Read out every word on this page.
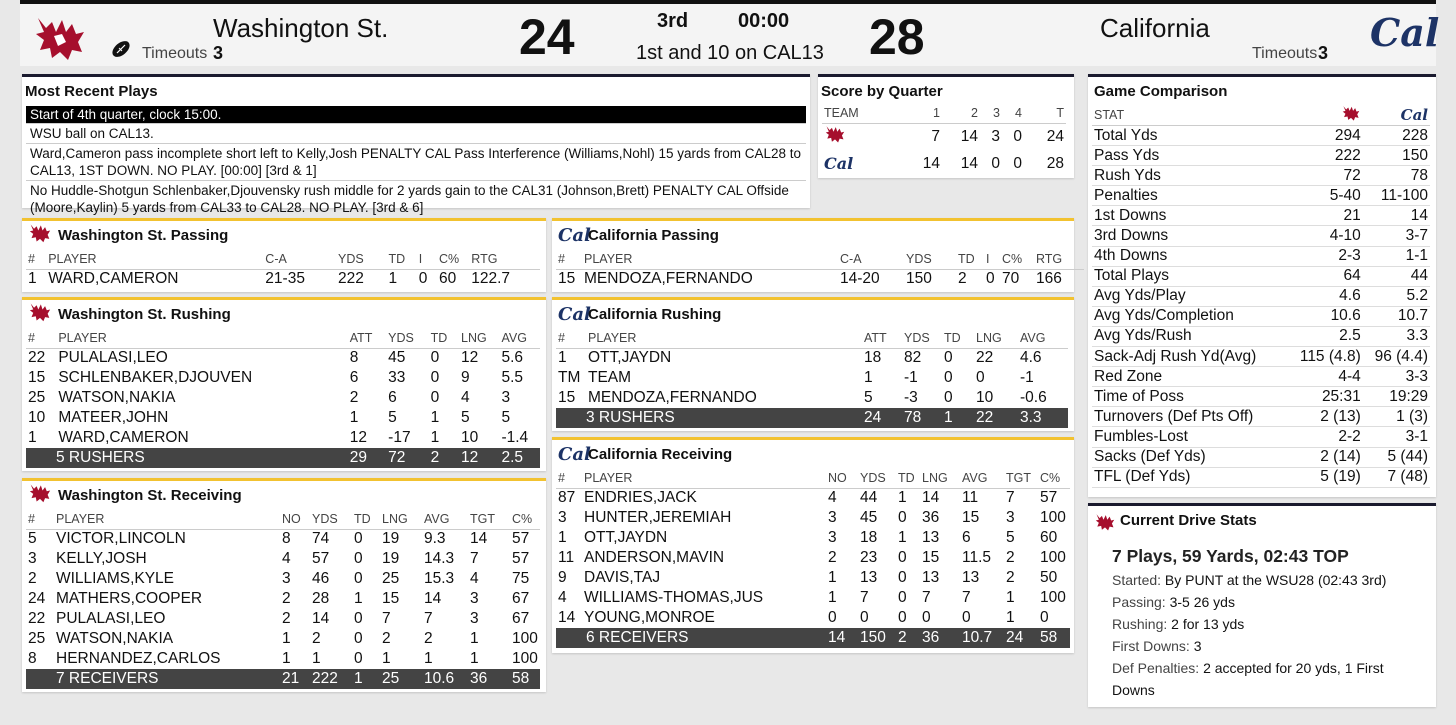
Washington St.
Timeouts 3	24	3rd 00:00
1st and 10 on CAL13 28	California
Timeouts 3 Cal
Most Recent Plays
Start of 4th quarter, clock 15:00.
WSU ball on CAL13.
Ward,Cameron pass incomplete short left to Kelly,Josh PENALTY CAL Pass Interference (Williams,Nohl) 15 yards from CAL28 to CAL13, 1ST DOWN. NO PLAY. [00:00] [3rd & 1]
No Huddle-Shotgun Schlenbaker,Djouvensky rush middle for 2 yards gain to the CAL31 (Johnson,Brett) PENALTY CAL Offside (Moore,Kaylin) 5 yards from CAL33 to CAL28. NO PLAY. [3rd & 6]
Score by Quarter
TEAM	1	2	3	4	T
	7	14	3	0	24
Cal	14	14	0	0	28
Game Comparison
STAT		Cal
Total Yds	294	228
Pass Yds	222	150
Rush Yds	72	78
Penalties	5-40	11-100
1st Downs	21	14
3rd Downs	4-10	3-7
4th Downs	2-3	1-1
Total Plays	64	44
Avg Yds/Play	4.6	5.2
Avg Yds/Completion	10.6	10.7
Avg Yds/Rush	2.5	3.3
Sack-Adj Rush Yd(Avg)	115 (4.8)	96 (4.4)
Red Zone	4-4	3-3
Time of Poss	25:31	19:29
Turnovers (Def Pts Off)	2 (13)	1 (3)
Fumbles-Lost	2-2	3-1
Sacks (Def Yds)	2 (14)	5 (44)
TFL (Def Yds)	5 (19)	7 (48)
Current Drive Stats
7 Plays, 59 Yards, 02:43 TOP
Started: By PUNT at the WSU28 (02:43 3rd)
Passing: 3-5 26 yds
Rushing: 2 for 13 yds
First Downs: 3
Def Penalties: 2 accepted for 20 yds, 1 First
Downs
Washington St. Passing
#	PLAYER	C-A	YDS	TD	I	C%	RTG
1	WARD,CAMERON	21-35	222	1	0	60	122.7
Cal
California Passing
#	PLAYER	C-A	YDS	TD	I	C%	RTG
15	MENDOZA,FERNANDO	14-20	150	2	0	70	166
Washington St. Rushing
#	PLAYER	ATT	YDS	TD	LNG	AVG
22	PULALASI,LEO	8	45	0	12	5.6
15	SCHLENBAKER,DJOUVEN	6	33	0	9	5.5
25	WATSON,NAKIA	2	6	0	4	3
10	MATEER,JOHN	1	5	1	5	5
1	WARD,CAMERON	12	-17	1	10	-1.4
5 RUSHERS		29	72	2	12	2.5
Cal
California Rushing
#	PLAYER	ATT	YDS	TD	LNG	AVG
1	OTT,JAYDN	18	82	0	22	4.6
TM	TEAM	1	-1	0	0	-1
15	MENDOZA,FERNANDO	5	-3	0	10	-0.6
3 RUSHERS		24	78	1	22	3.3
Washington St. Receiving
#	PLAYER	NO	YDS	TD	LNG	AVG	TGT	C%
5	VICTOR,LINCOLN	8	74	0	19	9.3	14	57
3	KELLY,JOSH	4	57	0	19	14.3	7	57
2	WILLIAMS,KYLE	3	46	0	25	15.3	4	75
24	MATHERS,COOPER	2	28	1	15	14	3	67
22	PULALASI,LEO	2	14	0	7	7	3	67
25	WATSON,NAKIA	1	2	0	2	2	1	100
8	HERNANDEZ,CARLOS	1	1	0	1	1	1	100
7 RECEIVERS		21	222	1	25	10.6	36	58
Cal
California Receiving
#	PLAYER	NO	YDS	TD	LNG	AVG	TGT	C%
87	ENDRIES,JACK	4	44	1	14	11	7	57
3	HUNTER,JEREMIAH	3	45	0	36	15	3	100
1	OTT,JAYDN	3	18	1	13	6	5	60
11	ANDERSON,MAVIN	2	23	0	15	11.5	2	100
9	DAVIS,TAJ	1	13	0	13	13	2	50
4	WILLIAMS-THOMAS,JUS	1	7	0	7	7	1	100
14	YOUNG,MONROE	0	0	0	0	0	1	0
6 RECEIVERS		14	150	2	36	10.7	24	58
